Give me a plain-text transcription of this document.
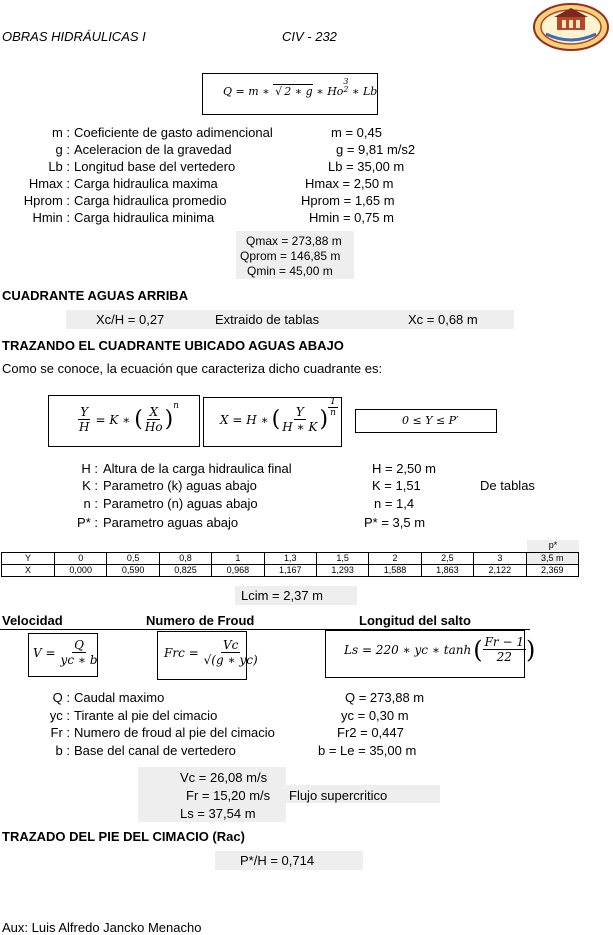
OBRAS HIDRÁULICAS I	CIV - 232
Q = m ∗ √ 2 ∗ g ∗ Ho
3
2 ∗ Lb
m : Coeficiente de gasto adimencional	m = 0,45
g : Aceleracion de la gravedad	g = 9,81 m/s2
Lb : Longitud base del vertedero	Lb = 35,00 m
Hmax : Carga hidraulica maxima	Hmax = 2,50 m
Hprom : Carga hidraulica promedio	Hprom = 1,65 m
Hmin : Carga hidraulica minima	Hmin = 0,75 m
Qmax = 273,88 m
Qprom = 146,85 m
Qmin = 45,00 m
CUADRANTE AGUAS ARRIBA
Xc/H = 0,27	Extraido de tablas	Xc = 0,68 m
TRAZANDO EL CUADRANTE UBICADO AGUAS ABAJO
Como se conoce, la ecuación que caracteriza dicho cuadrante es:
$\frac{Y}{H} = K$ ∗ ( $\frac{X}{Ho}$ )
n
X = H ∗ ( $\frac{Y}{H ∗ K}$ ) $\frac{1}{n}$
0 ≤ Y ≤ P′
H : Altura de la carga hidraulica final	H = 2,50 m
K : Parametro (k) aguas abajo	K = 1,51	De tablas
n : Parametro (n) aguas abajo	n = 1,4
P* : Parametro aguas abajo	P* = 3,5 m
p*
Y	0	0,5	0,8	1	1,3	1,5	2	2,5	3	3,5 m
X	0,000	0,590	0,825	0,968	1,167	1,293	1,588	1,863	2,122	2,369
Lcim = 2,37 m
Velocidad	Numero de Froud	Longitud del salto
$V = \frac{Q}{yc ∗ b}$	Frc = $\frac{Vc}{√(g ∗ yc)}$	Ls = 220 ∗ yc ∗ tanh ( $\frac{Fr - 1}{22}$ )
Q : Caudal maximo	Q = 273,88 m
yc : Tirante al pie del cimacio	yc = 0,30 m
Fr : Numero de froud al pie del cimacio	Fr2 = 0,447
b : Base del canal de vertedero	b = Le = 35,00 m
Vc = 26,08 m/s
Fr = 15,20 m/s Flujo supercritico
Ls = 37,54 m
TRAZADO DEL PIE DEL CIMACIO (Rac)
P*/H = 0,714
Aux: Luis Alfredo Jancko Menacho
